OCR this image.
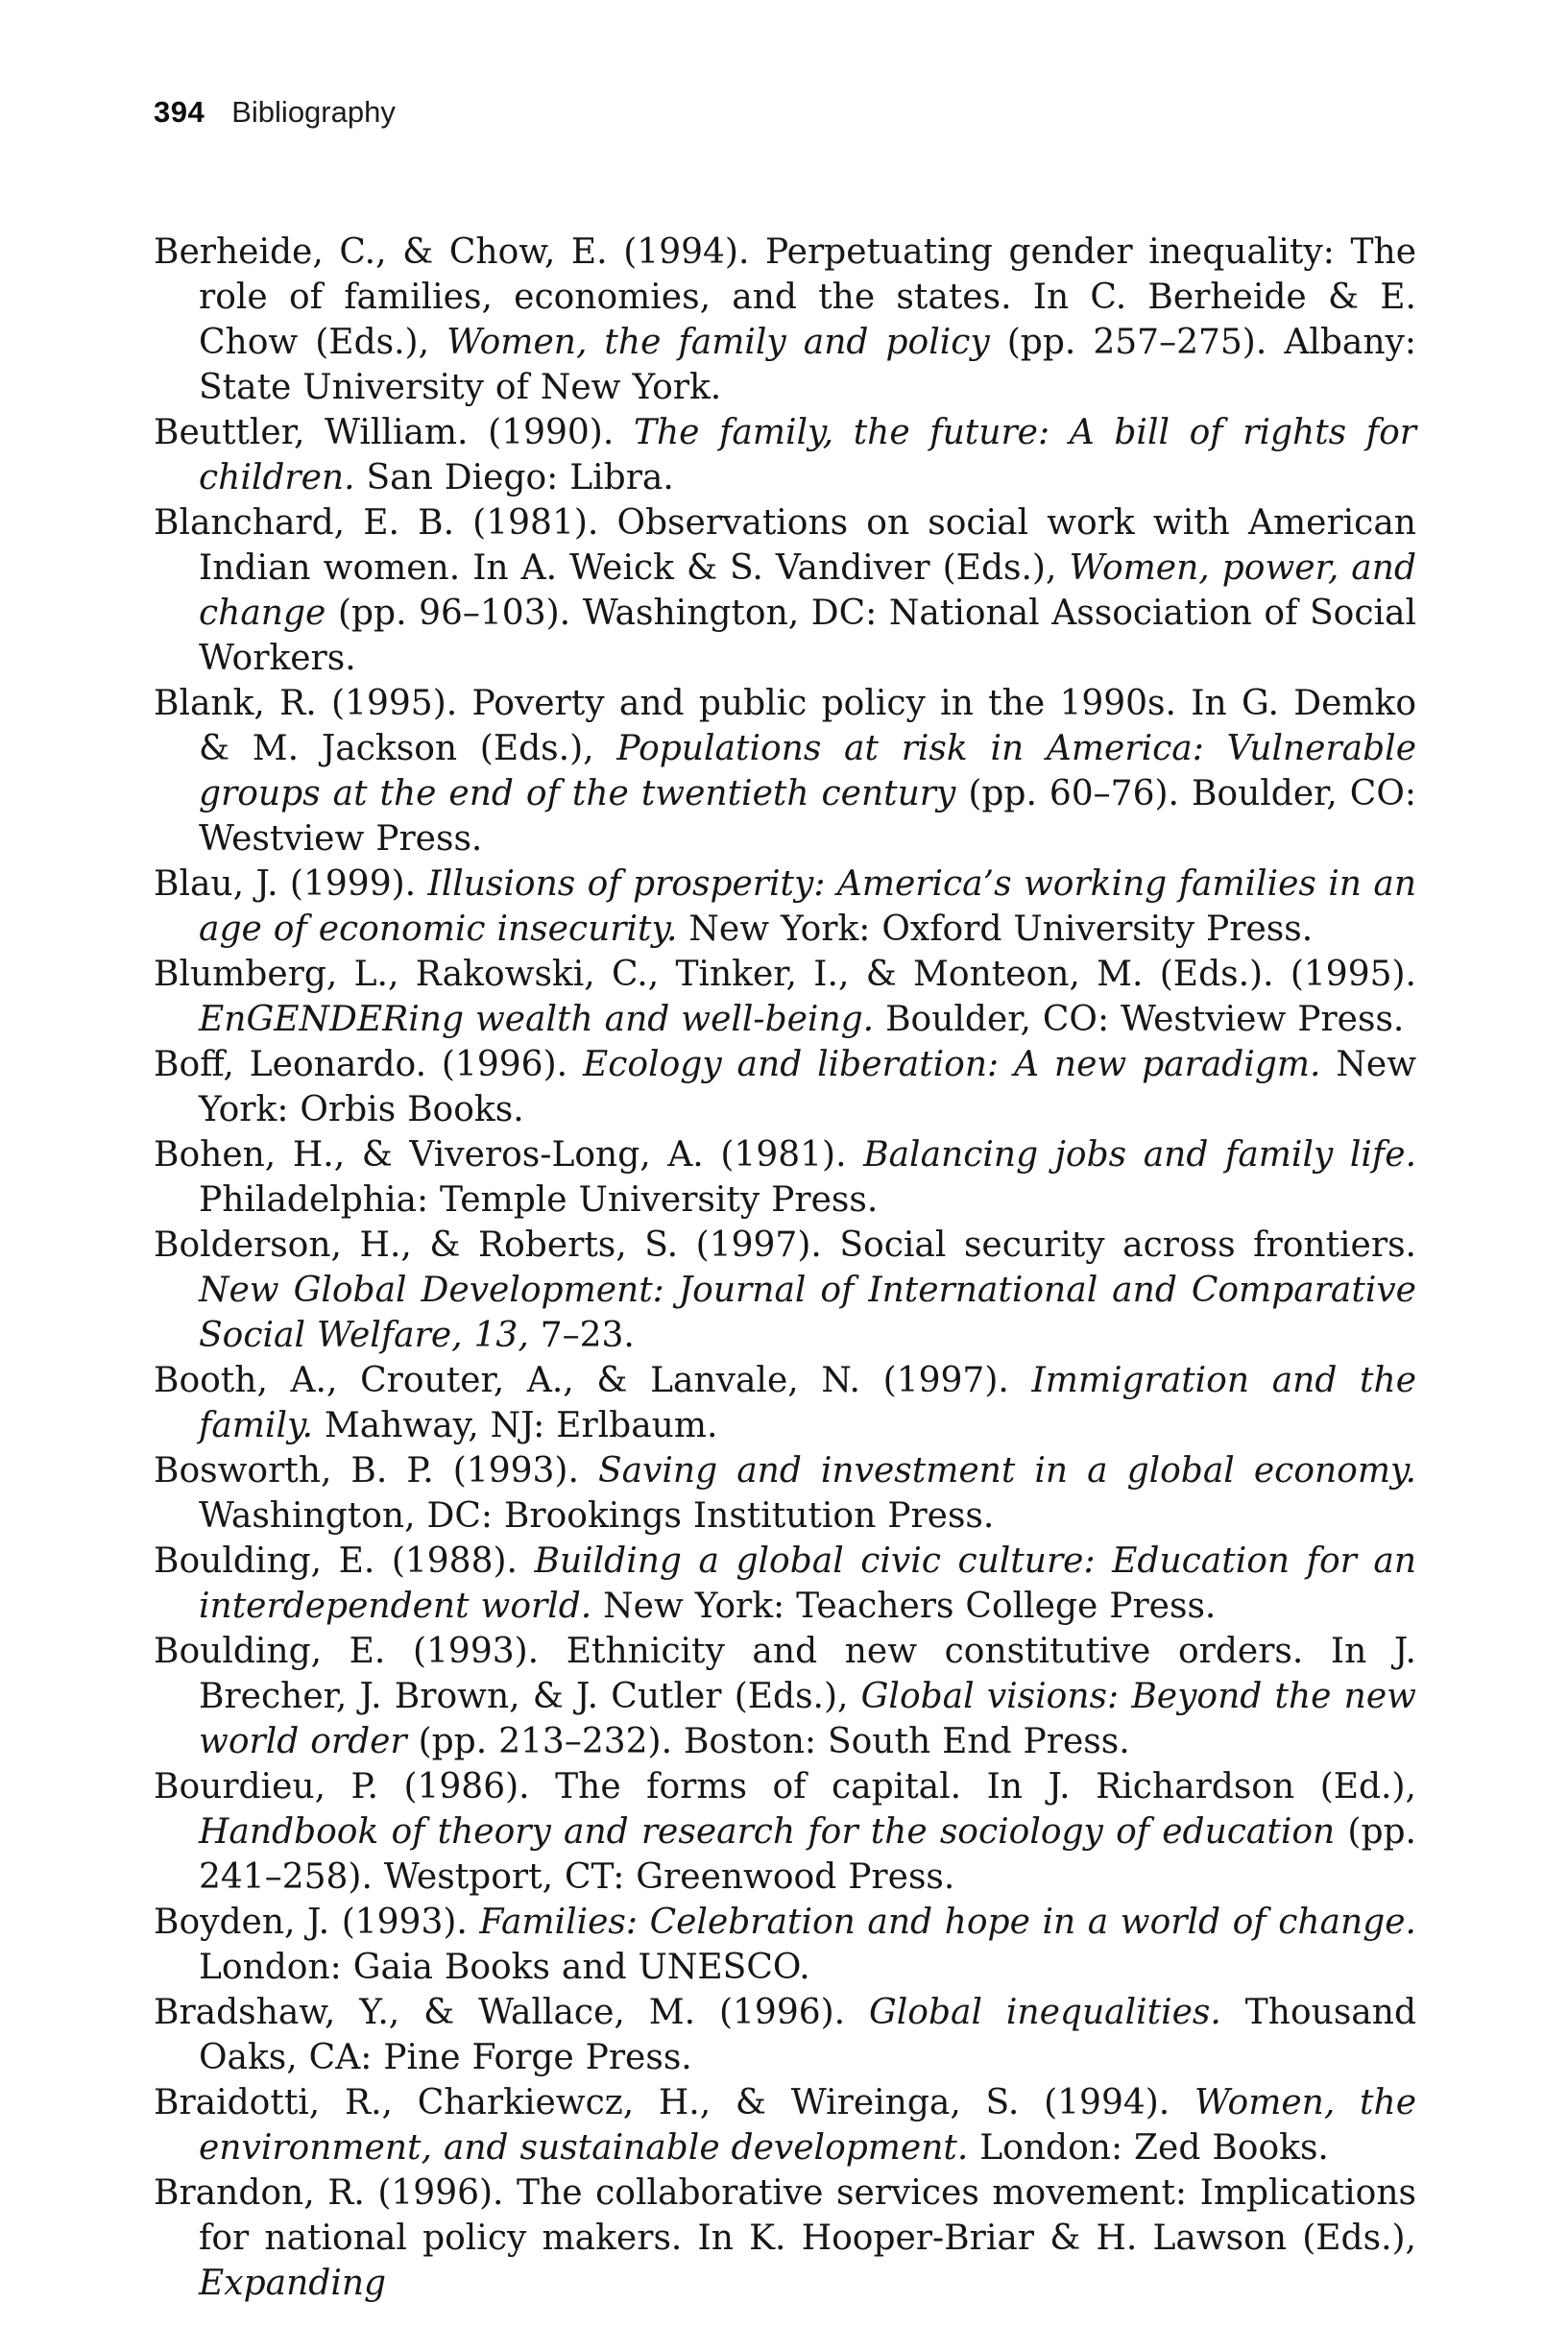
394 Bibliography

Berheide, C., & Chow, E. (1994). Perpetuating gender inequality: The role of families, economies, and the states. In C. Berheide & E. Chow (Eds.), Women, the family and policy (pp. 257–275). Albany: State University of New York.

Beuttler, William. (1990). The family, the future: A bill of rights for children. San Diego: Libra.

Blanchard, E. B. (1981). Observations on social work with American Indian women. In A. Weick & S. Vandiver (Eds.), Women, power, and change (pp. 96–103). Washington, DC: National Association of Social Workers.

Blank, R. (1995). Poverty and public policy in the 1990s. In G. Demko & M. Jackson (Eds.), Populations at risk in America: Vulnerable groups at the end of the twentieth century (pp. 60–76). Boulder, CO: Westview Press.

Blau, J. (1999). Illusions of prosperity: America’s working families in an age of economic insecurity. New York: Oxford University Press.

Blumberg, L., Rakowski, C., Tinker, I., & Monteon, M. (Eds.). (1995). EnGENDERing wealth and well-being. Boulder, CO: Westview Press.

Boff, Leonardo. (1996). Ecology and liberation: A new paradigm. New York: Orbis Books.

Bohen, H., & Viveros-Long, A. (1981). Balancing jobs and family life. Philadelphia: Temple University Press.

Bolderson, H., & Roberts, S. (1997). Social security across frontiers. New Global Development: Journal of International and Comparative Social Welfare, 13, 7–23.

Booth, A., Crouter, A., & Lanvale, N. (1997). Immigration and the family. Mahway, NJ: Erlbaum.

Bosworth, B. P. (1993). Saving and investment in a global economy. Washington, DC: Brookings Institution Press.

Boulding, E. (1988). Building a global civic culture: Education for an interdependent world. New York: Teachers College Press.

Boulding, E. (1993). Ethnicity and new constitutive orders. In J. Brecher, J. Brown, & J. Cutler (Eds.), Global visions: Beyond the new world order (pp. 213–232). Boston: South End Press.

Bourdieu, P. (1986). The forms of capital. In J. Richardson (Ed.), Handbook of theory and research for the sociology of education (pp. 241–258). Westport, CT: Greenwood Press.

Boyden, J. (1993). Families: Celebration and hope in a world of change. London: Gaia Books and UNESCO.

Bradshaw, Y., & Wallace, M. (1996). Global inequalities. Thousand Oaks, CA: Pine Forge Press.

Braidotti, R., Charkiewcz, H., & Wireinga, S. (1994). Women, the environment, and sustainable development. London: Zed Books.

Brandon, R. (1996). The collaborative services movement: Implications for national policy makers. In K. Hooper-Briar & H. Lawson (Eds.), Expanding
